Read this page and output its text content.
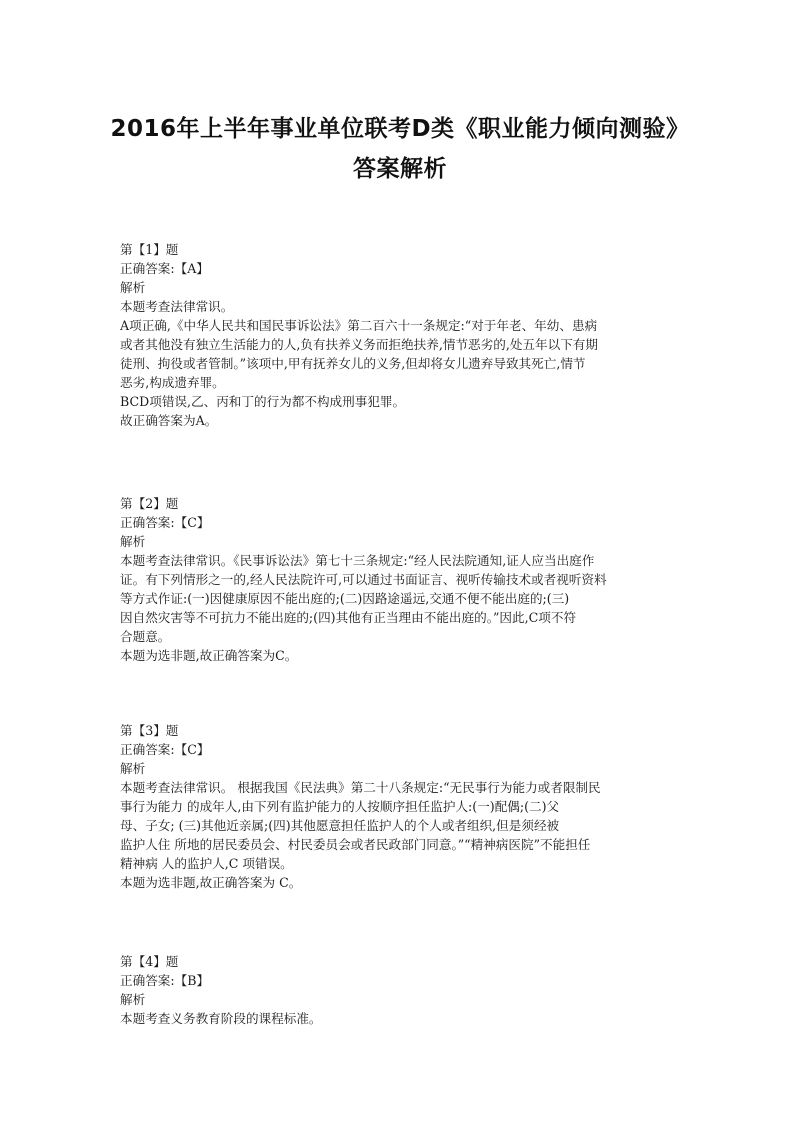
2016年上半年事业单位联考D类《职业能力倾向测验》
答案解析
第【1】题
正确答案:【A】
解析
本题考查法律常识。
A项正确,《中华人民共和国民事诉讼法》第二百六十一条规定:“对于年老、年幼、患病
或者其他没有独立生活能力的人,负有扶养义务而拒绝扶养,情节恶劣的,处五年以下有期
徒刑、拘役或者管制。”该项中,甲有抚养女儿的义务,但却将女儿遗弃导致其死亡,情节
恶劣,构成遗弃罪。
BCD项错误,乙、丙和丁的行为都不构成刑事犯罪。
故正确答案为A。
第【2】题
正确答案:【C】
解析
本题考查法律常识。《民事诉讼法》第七十三条规定:“经人民法院通知,证人应当出庭作
证。有下列情形之一的,经人民法院许可,可以通过书面证言、视听传输技术或者视听资料
等方式作证:(一)因健康原因不能出庭的;(二)因路途遥远,交通不便不能出庭的;(三)
因自然灾害等不可抗力不能出庭的;(四)其他有正当理由不能出庭的。”因此,C项不符
合题意。
本题为选非题,故正确答案为C。
第【3】题
正确答案:【C】
解析
本题考查法律常识。 根据我国《民法典》第二十八条规定:“无民事行为能力或者限制民
事行为能力 的成年人,由下列有监护能力的人按顺序担任监护人:(一)配偶;(二)父
母、子女; (三)其他近亲属;(四)其他愿意担任监护人的个人或者组织,但是须经被
监护人住 所地的居民委员会、村民委员会或者民政部门同意。”“精神病医院”不能担任
精神病 人的监护人,C 项错误。
本题为选非题,故正确答案为 C。
第【4】题
正确答案:【B】
解析
本题考查义务教育阶段的课程标准。
